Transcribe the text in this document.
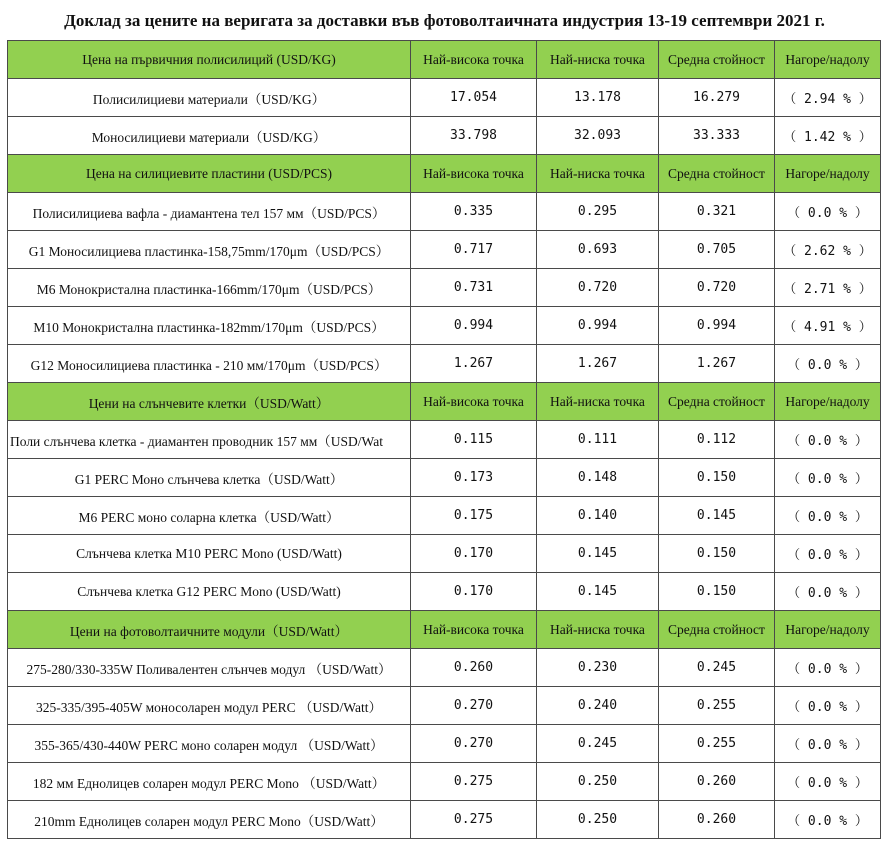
Доклад за цените на веригата за доставки във фотоволтаичната индустрия 13-19 септември 2021 г.
Цена на първичния полисилиций (USD/KG)	Най-висока точка	Най-ниска точка	Средна стойност	Нагоре/надолу
Полисилициеви материали（USD/KG）	17.054	13.178	16.279	（ 2.94 % ）
Моносилициеви материали（USD/KG）	33.798	32.093	33.333	（ 1.42 % ）
Цена на силициевите пластини (USD/PCS)	Най-висока точка	Най-ниска точка	Средна стойност	Нагоре/надолу
Полисилициева вафла - диамантена тел 157 мм（USD/PCS）	0.335	0.295	0.321	（ 0.0 % ）
G1 Моносилициева пластинка-158,75mm/170μm（USD/PCS）	0.717	0.693	0.705	（ 2.62 % ）
M6 Монокристална пластинка-166mm/170μm（USD/PCS）	0.731	0.720	0.720	（ 2.71 % ）
M10 Монокристална пластинка-182mm/170μm（USD/PCS）	0.994	0.994	0.994	（ 4.91 % ）
G12 Моносилициева пластинка - 210 мм/170μm（USD/PCS）	1.267	1.267	1.267	（ 0.0 % ）
Цени на слънчевите клетки（USD/Watt）	Най-висока точка	Най-ниска точка	Средна стойност	Нагоре/надолу
Поли слънчева клетка - диамантен проводник 157 мм（USD/Wat	0.115	0.111	0.112	（ 0.0 % ）
G1 PERC Моно слънчева клетка（USD/Watt）	0.173	0.148	0.150	（ 0.0 % ）
M6 PERC моно соларна клетка（USD/Watt）	0.175	0.140	0.145	（ 0.0 % ）
Слънчева клетка M10 PERC Mono (USD/Watt)	0.170	0.145	0.150	（ 0.0 % ）
Слънчева клетка G12 PERC Mono (USD/Watt)	0.170	0.145	0.150	（ 0.0 % ）
Цени на фотоволтаичните модули（USD/Watt）	Най-висока точка	Най-ниска точка	Средна стойност	Нагоре/надолу
275-280/330-335W Поливалентен слънчев модул （USD/Watt）	0.260	0.230	0.245	（ 0.0 % ）
325-335/395-405W моносоларен модул PERC （USD/Watt）	0.270	0.240	0.255	（ 0.0 % ）
355-365/430-440W PERC моно соларен модул （USD/Watt）	0.270	0.245	0.255	（ 0.0 % ）
182 мм Еднолицев соларен модул PERC Mono （USD/Watt）	0.275	0.250	0.260	（ 0.0 % ）
210mm Еднолицев соларен модул PERC Mono（USD/Watt）	0.275	0.250	0.260	（ 0.0 % ）
